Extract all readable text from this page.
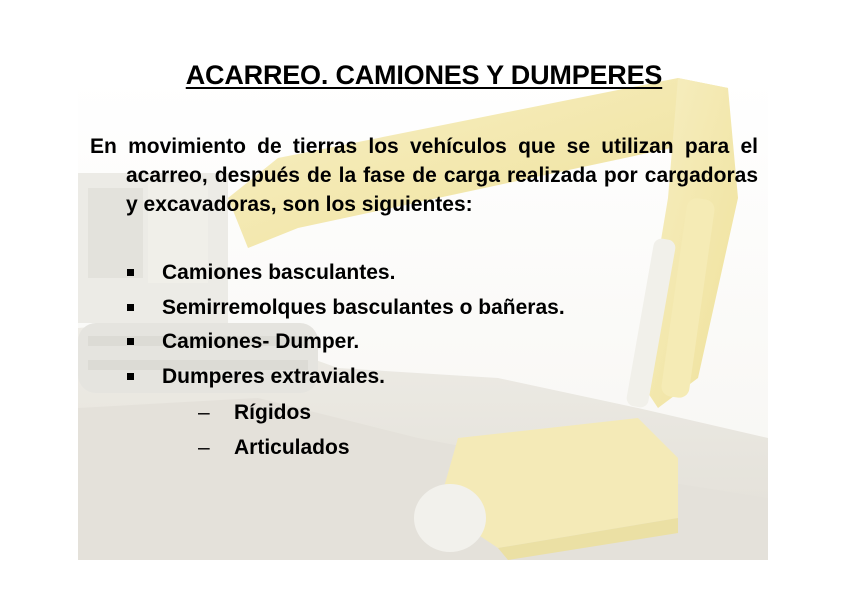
ACARREO. CAMIONES Y DUMPERES
En movimiento de tierras los vehículos que se utilizan para el acarreo, después de la fase de carga realizada por cargadoras y excavadoras, son los siguientes:
Camiones basculantes.
Semirremolques basculantes o bañeras.
Camiones- Dumper.
Dumperes extraviales.
– Rígidos
– Articulados
